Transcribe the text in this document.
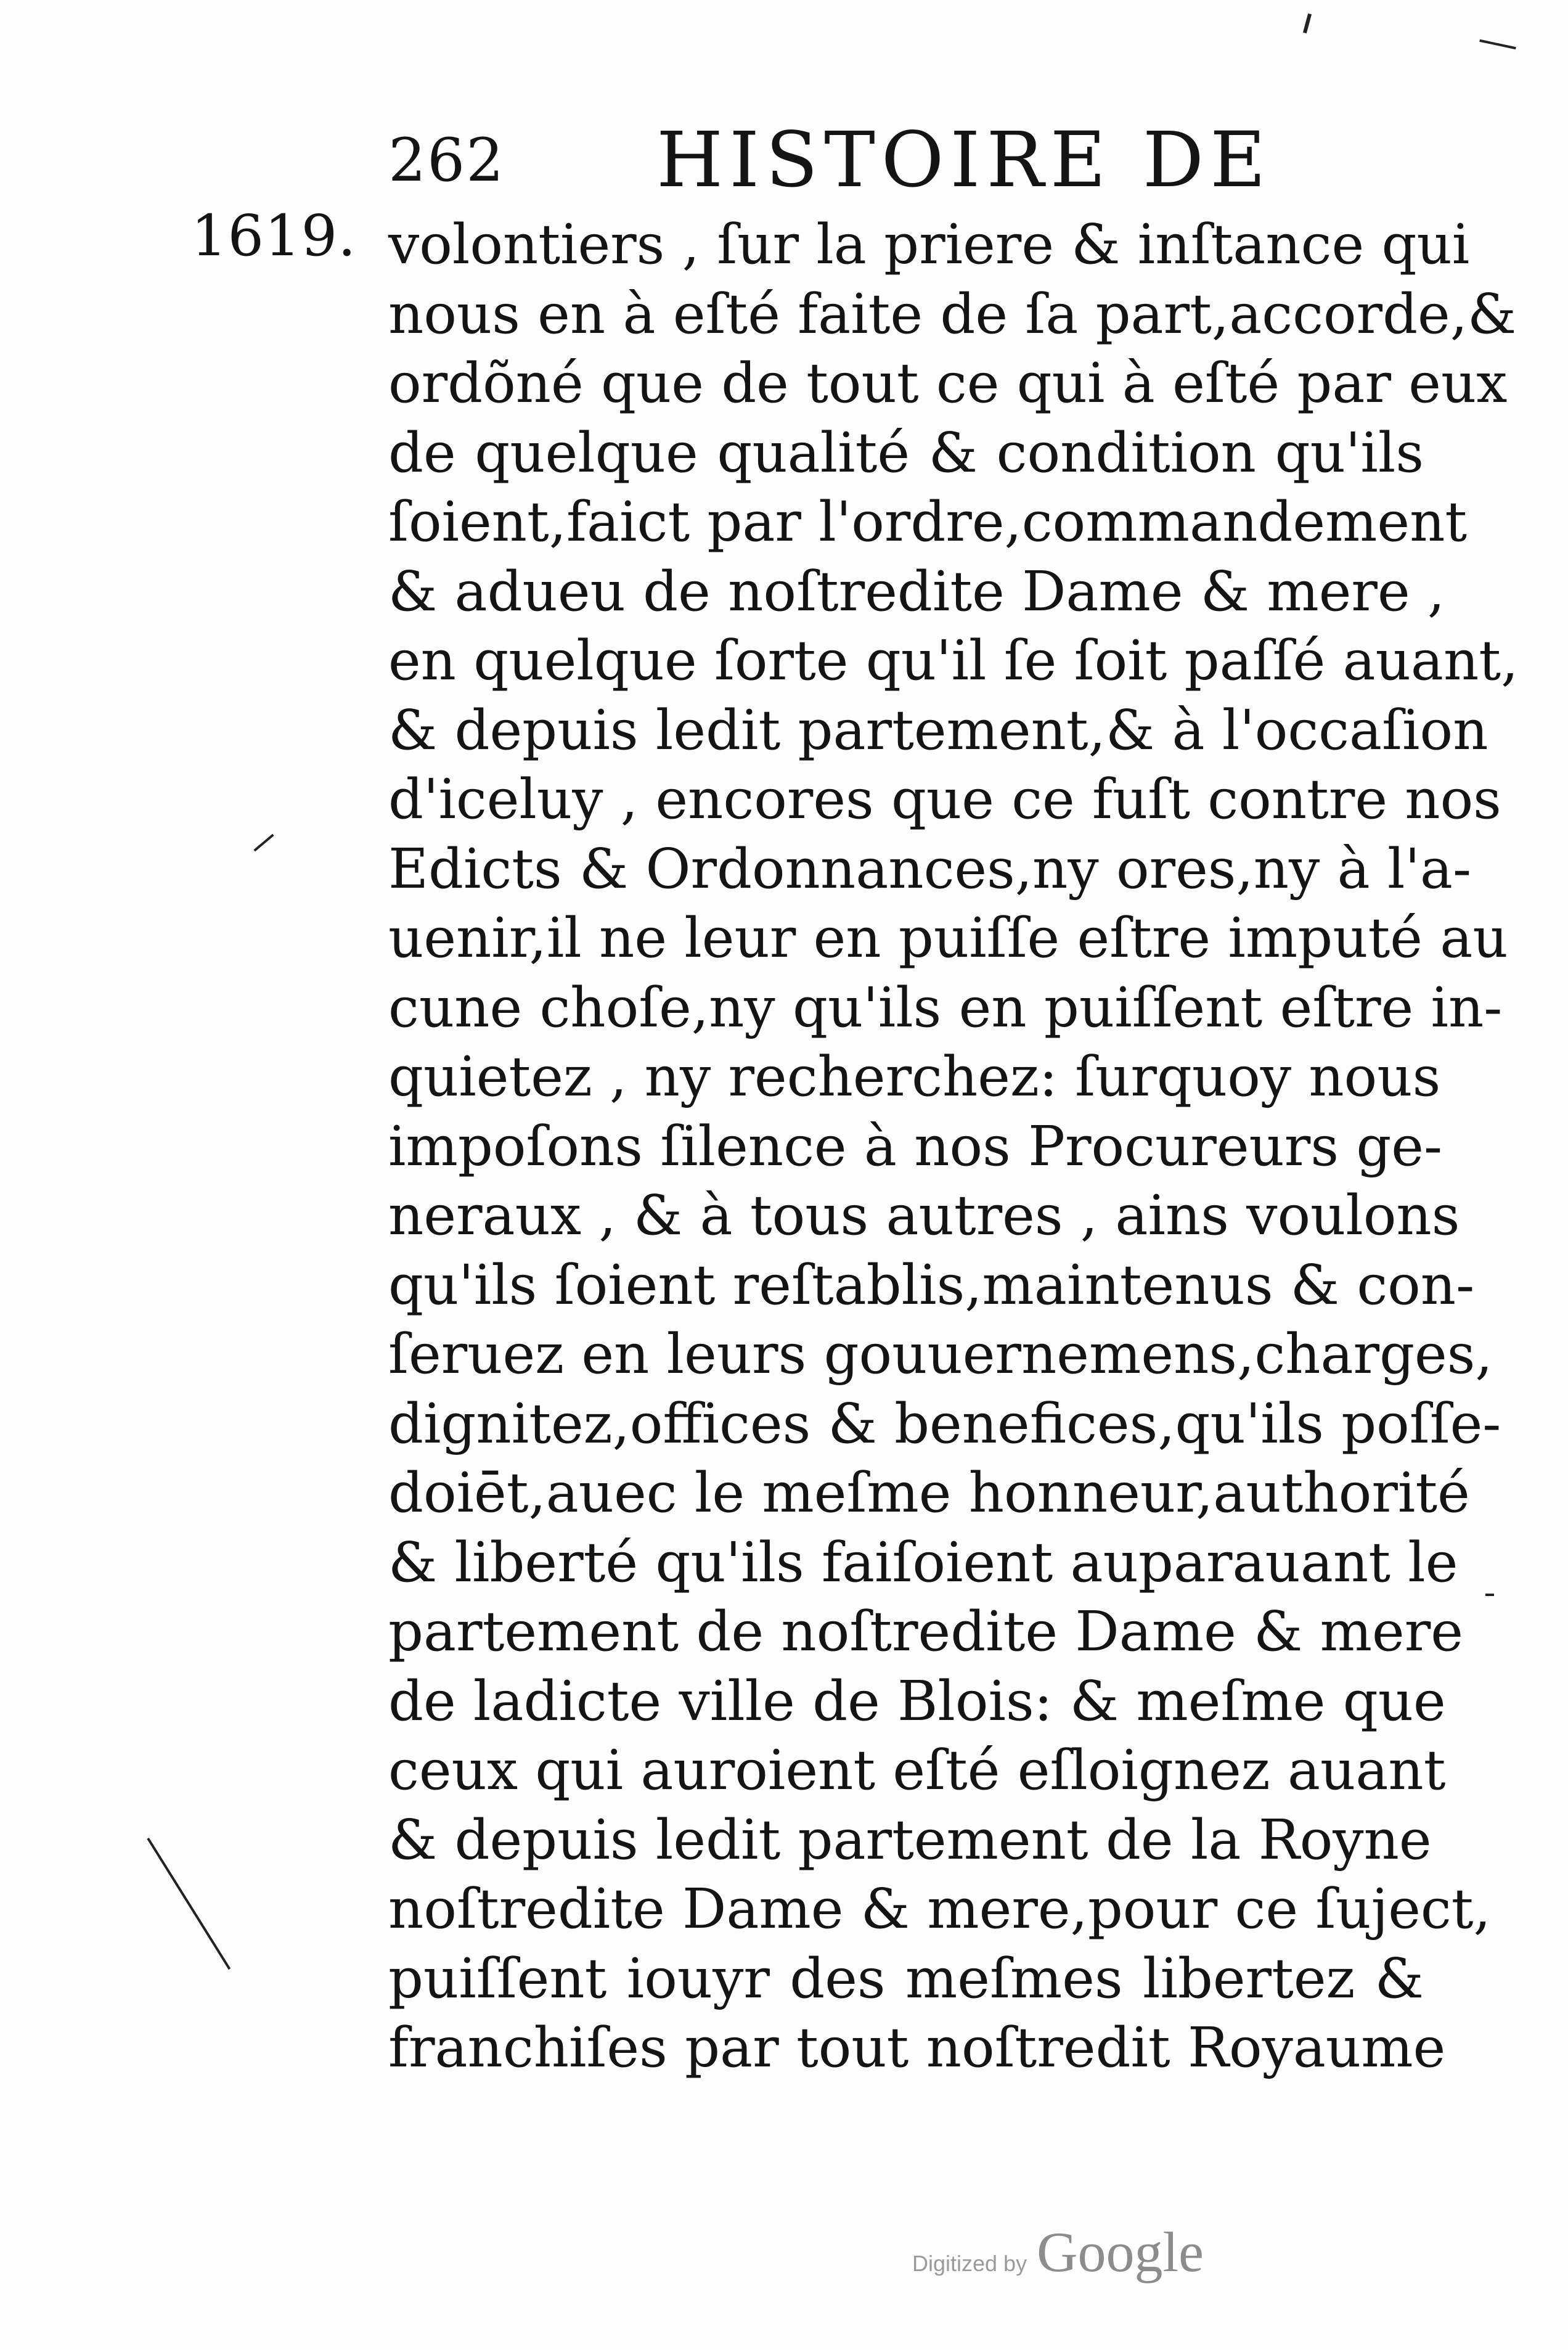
262 HISTOIRE DE
1619. volontiers , ſur la priere & inſtance qui
nous en à eſté faite de ſa part,accorde,&
ordõné que de tout ce qui à eſté par eux
de quelque qualité & condition qu'ils
ſoient,faict par l'ordre,commandement
& adueu de noſtredite Dame & mere ,
en quelque ſorte qu'il ſe ſoit paſſé auant,
& depuis ledit partement,& à l'occaſion
d'iceluy , encores que ce fuſt contre nos
Edicts & Ordonnances,ny ores,ny à l'a-
uenir,il ne leur en puiſſe eſtre imputé au
cune choſe,ny qu'ils en puiſſent eſtre in-
quietez , ny recherchez: ſurquoy nous
impoſons ſilence à nos Procureurs ge-
neraux , & à tous autres , ains voulons
qu'ils ſoient reſtablis,maintenus & con-
ſeruez en leurs gouuernemens,charges,
dignitez,offices & benefices,qu'ils poſſe-
doiēt,auec le meſme honneur,authorité
& liberté qu'ils faiſoient auparauant le
partement de noſtredite Dame & mere
de ladicte ville de Blois: & meſme que
ceux qui auroient eſté eſloignez auant
& depuis ledit partement de la Royne
noſtredite Dame & mere,pour ce ſuject,
puiſſent iouyr des meſmes libertez &
franchiſes par tout noſtredit Royaume
Digitized by Google
